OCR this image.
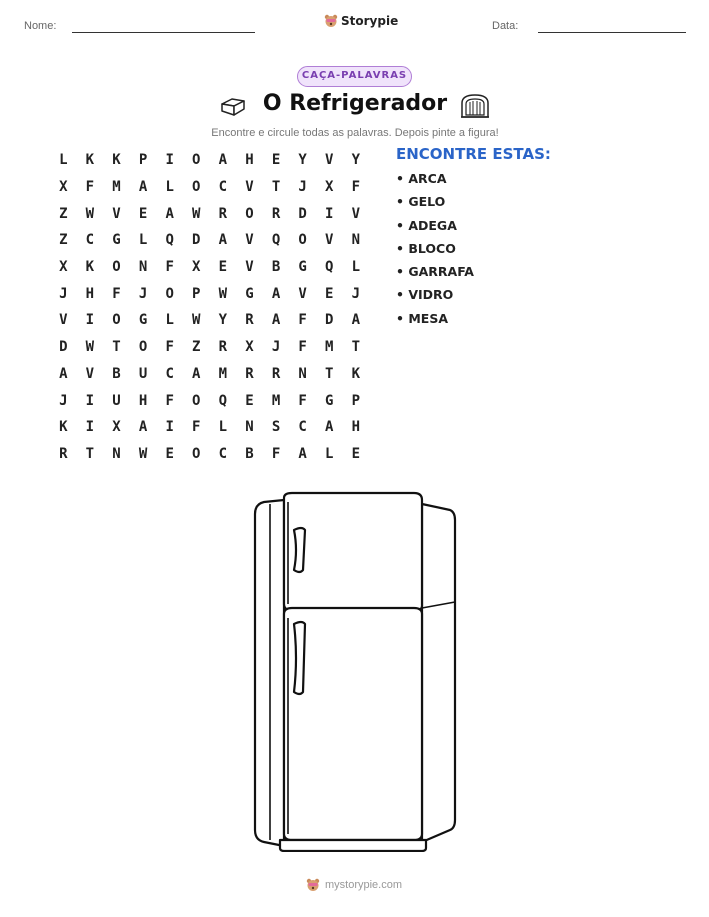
Nome:	Storypie	Data:
CAÇA-PALAVRAS
O Refrigerador
Encontre e circule todas as palavras. Depois pinte a figura!
L	K	K	P	I	O	A	H	E	Y	V	Y
X	F	M	A	L	O	C	V	T	J	X	F
Z	W	V	E	A	W	R	O	R	D	I	V
Z	C	G	L	Q	D	A	V	Q	O	V	N
X	K	O	N	F	X	E	V	B	G	Q	L
J	H	F	J	O	P	W	G	A	V	E	J
V	I	O	G	L	W	Y	R	A	F	D	A
D	W	T	O	F	Z	R	X	J	F	M	T
A	V	B	U	C	A	M	R	R	N	T	K
J	I	U	H	F	O	Q	E	M	F	G	P
K	I	X	A	I	F	L	N	S	C	A	H
R	T	N	W	E	O	C	B	F	A	L	E
ENCONTRE ESTAS:
• ARCA
• GELO
• ADEGA
• BLOCO
• GARRAFA
• VIDRO
• MESA
mystorypie.com
